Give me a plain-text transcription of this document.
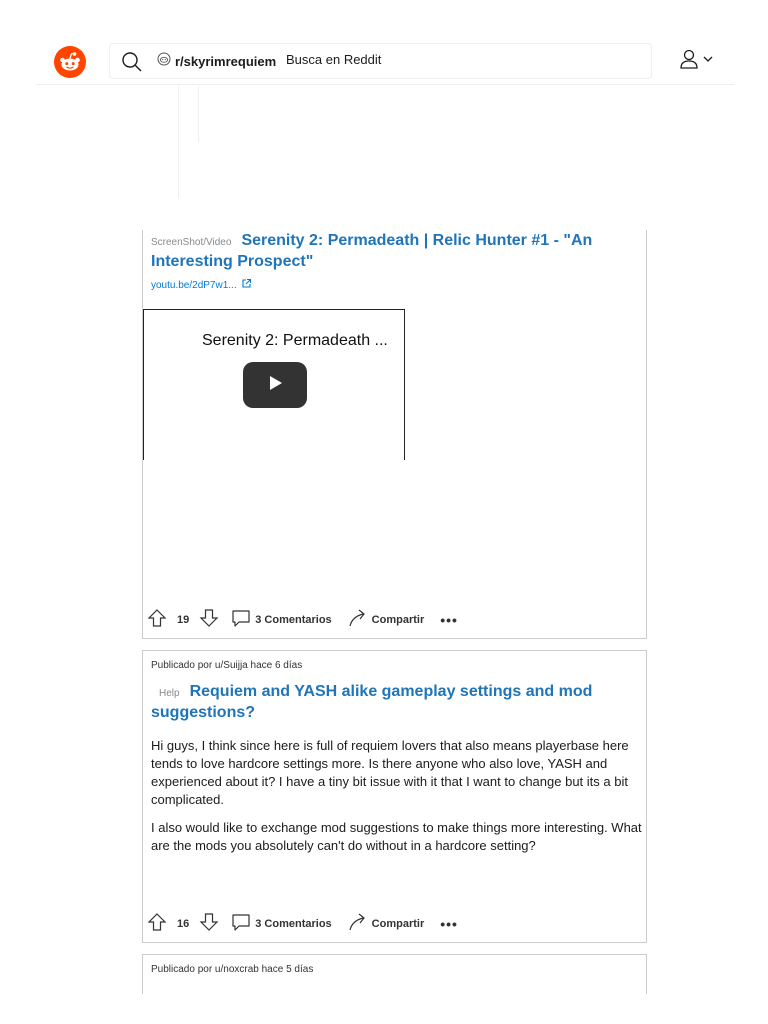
r/skyrimrequiem Busca en Reddit
ScreenShot/Video Serenity 2: Permadeath | Relic Hunter #1 - "An Interesting Prospect"
youtu.be/2dP7w1...
Serenity 2: Permadeath ...
19	3 Comentarios	Compartir •••
Publicado por u/Suijja hace 6 días
Help Requiem and YASH alike gameplay settings and mod suggestions?

Hi guys, I think since here is full of requiem lovers that also means playerbase here tends to love hardcore settings more. Is there anyone who also love, YASH and experienced about it? I have a tiny bit issue with it that I want to change but its a bit complicated.

I also would like to exchange mod suggestions to make things more interesting. What are the mods you absolutely can't do without in a hardcore setting?

16	3 Comentarios	Compartir •••
Publicado por u/noxcrab hace 5 días
